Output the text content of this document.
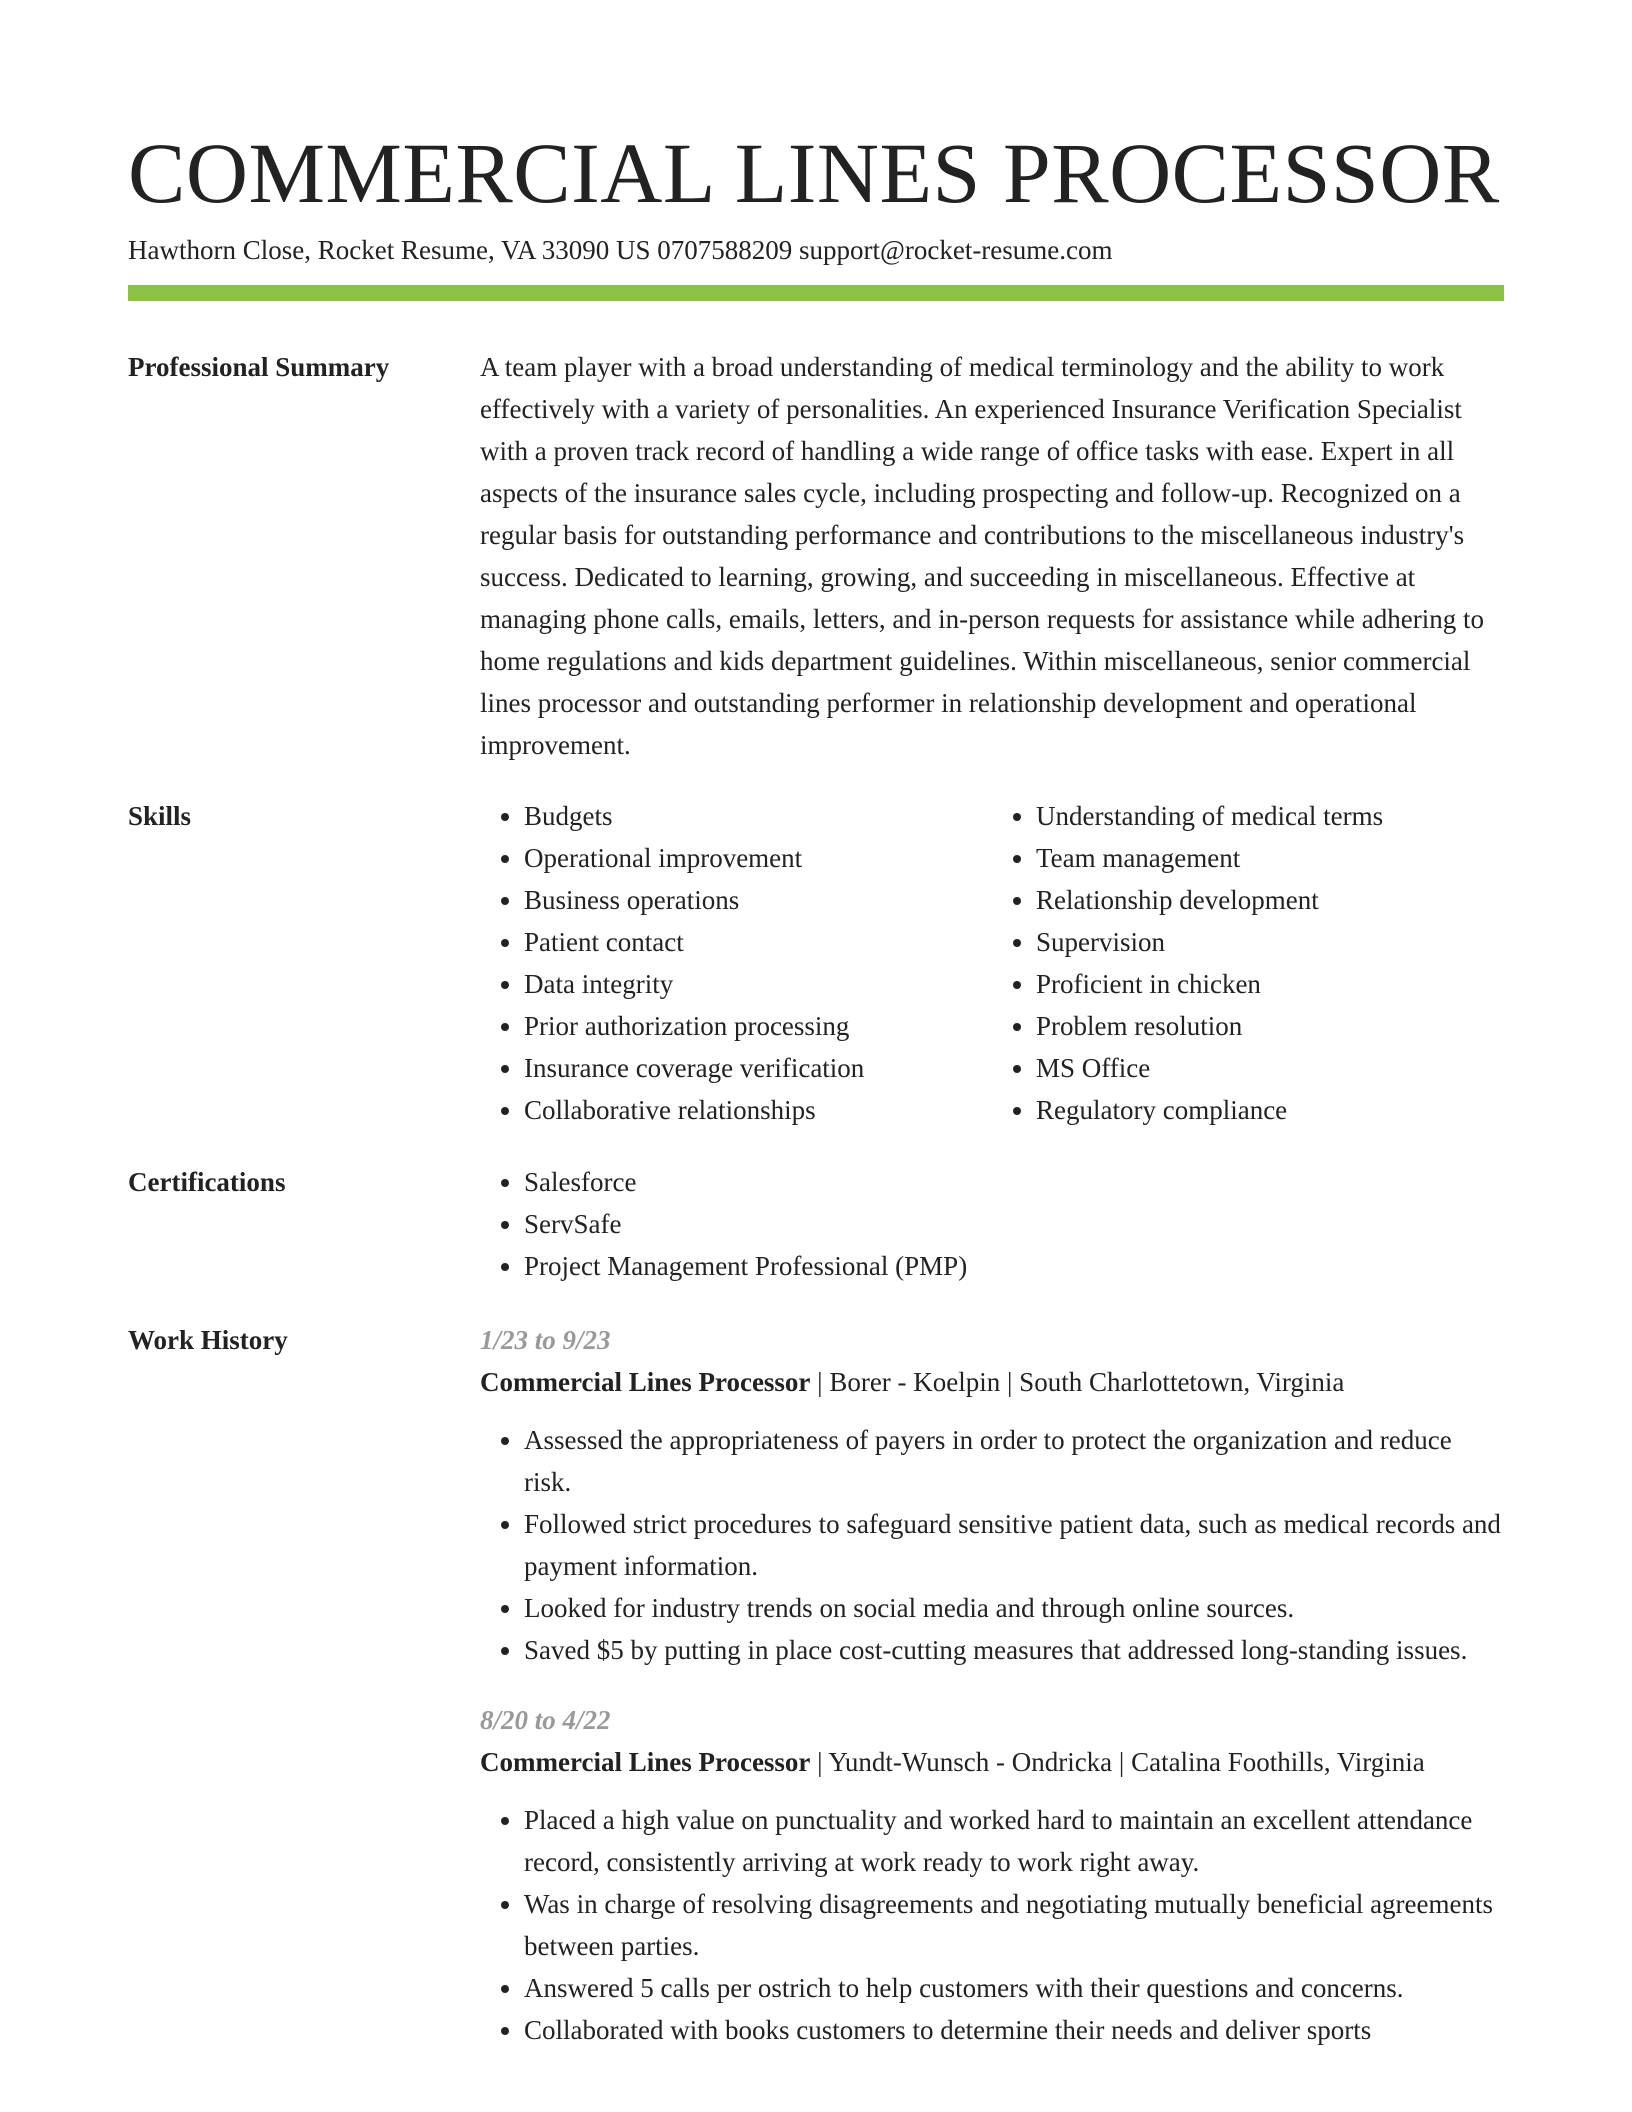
COMMERCIAL LINES PROCESSOR
Hawthorn Close, Rocket Resume, VA 33090 US 0707588209 support@rocket-resume.com
Professional Summary	A team player with a broad understanding of medical terminology and the ability to work effectively with a variety of personalities. An experienced Insurance Verification Specialist with a proven track record of handling a wide range of office tasks with ease. Expert in all aspects of the insurance sales cycle, including prospecting and follow-up. Recognized on a regular basis for outstanding performance and contributions to the miscellaneous industry's success. Dedicated to learning, growing, and succeeding in miscellaneous. Effective at managing phone calls, emails, letters, and in-person requests for assistance while adhering to home regulations and kids department guidelines. Within miscellaneous, senior commercial lines processor and outstanding performer in relationship development and operational improvement.

Skills	• Budgets
• Operational improvement
• Business operations
• Patient contact
• Data integrity
• Prior authorization processing
• Insurance coverage verification
• Collaborative relationships
• Understanding of medical terms
• Team management
• Relationship development
• Supervision
• Proficient in chicken
• Problem resolution
• MS Office
• Regulatory compliance
Certifications	• Salesforce
• ServSafe
• Project Management Professional (PMP)
Work History	1/23 to 9/23
Commercial Lines Processor | Borer - Koelpin | South Charlottetown, Virginia
• Assessed the appropriateness of payers in order to protect the organization and reduce risk.
• Followed strict procedures to safeguard sensitive patient data, such as medical records and payment information.
• Looked for industry trends on social media and through online sources.
• Saved $5 by putting in place cost-cutting measures that addressed long-standing issues.
8/20 to 4/22
Commercial Lines Processor | Yundt-Wunsch - Ondricka | Catalina Foothills, Virginia
• Placed a high value on punctuality and worked hard to maintain an excellent attendance record, consistently arriving at work ready to work right away.
• Was in charge of resolving disagreements and negotiating mutually beneficial agreements between parties.
• Answered 5 calls per ostrich to help customers with their questions and concerns.
• Collaborated with books customers to determine their needs and deliver sports
